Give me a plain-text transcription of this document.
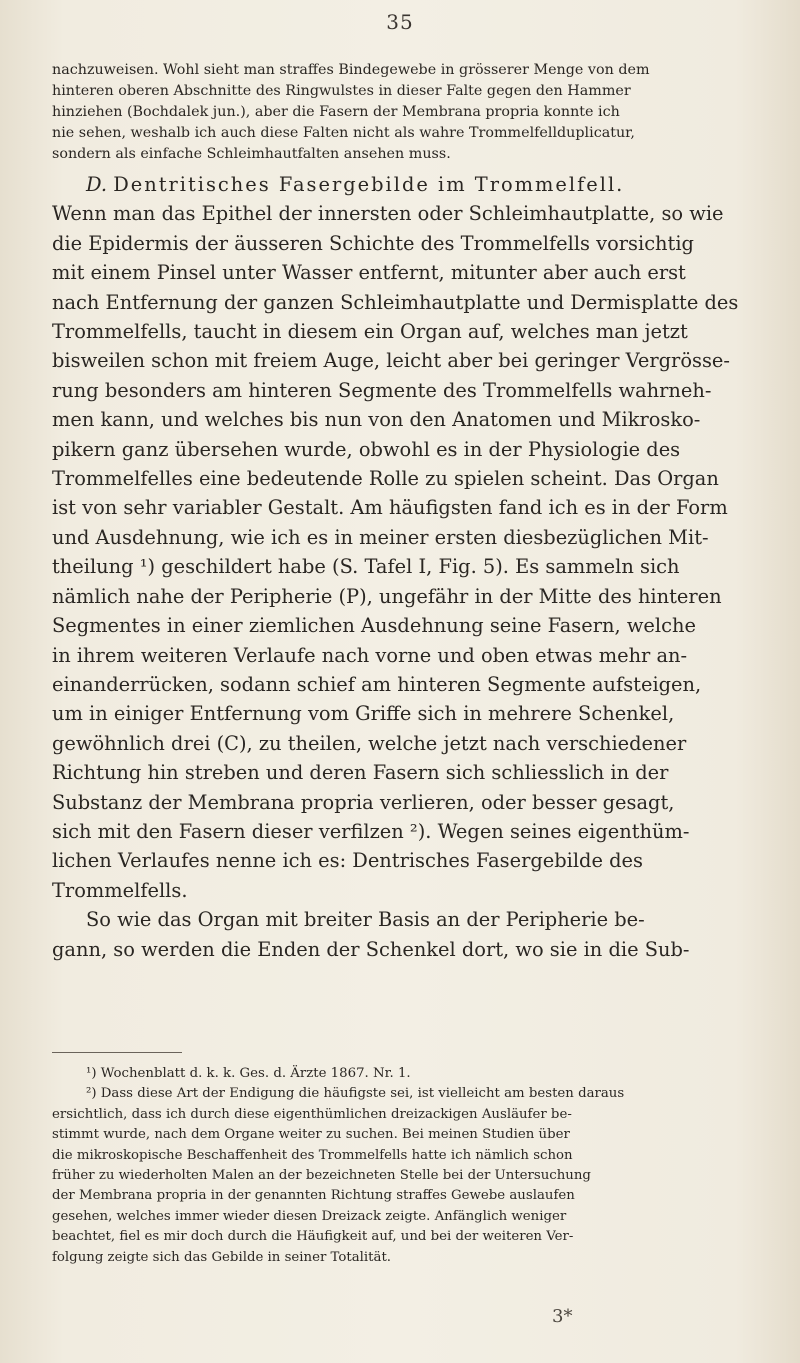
35
nachzuweisen. Wohl sieht man straffes Bindegewebe in grösserer Menge von dem
hinteren oberen Abschnitte des Ringwulstes in dieser Falte gegen den Hammer
hinziehen (Bochdalek jun.), aber die Fasern der Membrana propria konnte ich
nie sehen, weshalb ich auch diese Falten nicht als wahre Trommelfellduplicatur,
sondern als einfache Schleimhautfalten ansehen muss.
D. Dentritisches Fasergebilde im Trommelfell.
Wenn man das Epithel der innersten oder Schleimhautplatte, so wie
die Epidermis der äusseren Schichte des Trommelfells vorsichtig
mit einem Pinsel unter Wasser entfernt, mitunter aber auch erst
nach Entfernung der ganzen Schleimhautplatte und Dermisplatte des
Trommelfells, taucht in diesem ein Organ auf, welches man jetzt
bisweilen schon mit freiem Auge, leicht aber bei geringer Vergrösse-
rung besonders am hinteren Segmente des Trommelfells wahrneh-
men kann, und welches bis nun von den Anatomen und Mikrosko-
pikern ganz übersehen wurde, obwohl es in der Physiologie des
Trommelfelles eine bedeutende Rolle zu spielen scheint. Das Organ
ist von sehr variabler Gestalt. Am häufigsten fand ich es in der Form
und Ausdehnung, wie ich es in meiner ersten diesbezüglichen Mit-
theilung ¹) geschildert habe (S. Tafel I, Fig. 5). Es sammeln sich
nämlich nahe der Peripherie (P), ungefähr in der Mitte des hinteren
Segmentes in einer ziemlichen Ausdehnung seine Fasern, welche
in ihrem weiteren Verlaufe nach vorne und oben etwas mehr an-
einanderrücken, sodann schief am hinteren Segmente aufsteigen,
um in einiger Entfernung vom Griffe sich in mehrere Schenkel,
gewöhnlich drei (C), zu theilen, welche jetzt nach verschiedener
Richtung hin streben und deren Fasern sich schliesslich in der
Substanz der Membrana propria verlieren, oder besser gesagt,
sich mit den Fasern dieser verfilzen ²). Wegen seines eigenthüm-
lichen Verlaufes nenne ich es: Dentrisches Fasergebilde des
Trommelfells.
So wie das Organ mit breiter Basis an der Peripherie be-
gann, so werden die Enden der Schenkel dort, wo sie in die Sub-
¹) Wochenblatt d. k. k. Ges. d. Ärzte 1867. Nr. 1.
²) Dass diese Art der Endigung die häufigste sei, ist vielleicht am besten daraus
ersichtlich, dass ich durch diese eigenthümlichen dreizackigen Ausläufer be-
stimmt wurde, nach dem Organe weiter zu suchen. Bei meinen Studien über
die mikroskopische Beschaffenheit des Trommelfells hatte ich nämlich schon
früher zu wiederholten Malen an der bezeichneten Stelle bei der Untersuchung
der Membrana propria in der genannten Richtung straffes Gewebe auslaufen
gesehen, welches immer wieder diesen Dreizack zeigte. Anfänglich weniger
beachtet, fiel es mir doch durch die Häufigkeit auf, und bei der weiteren Ver-
folgung zeigte sich das Gebilde in seiner Totalität.
3*
